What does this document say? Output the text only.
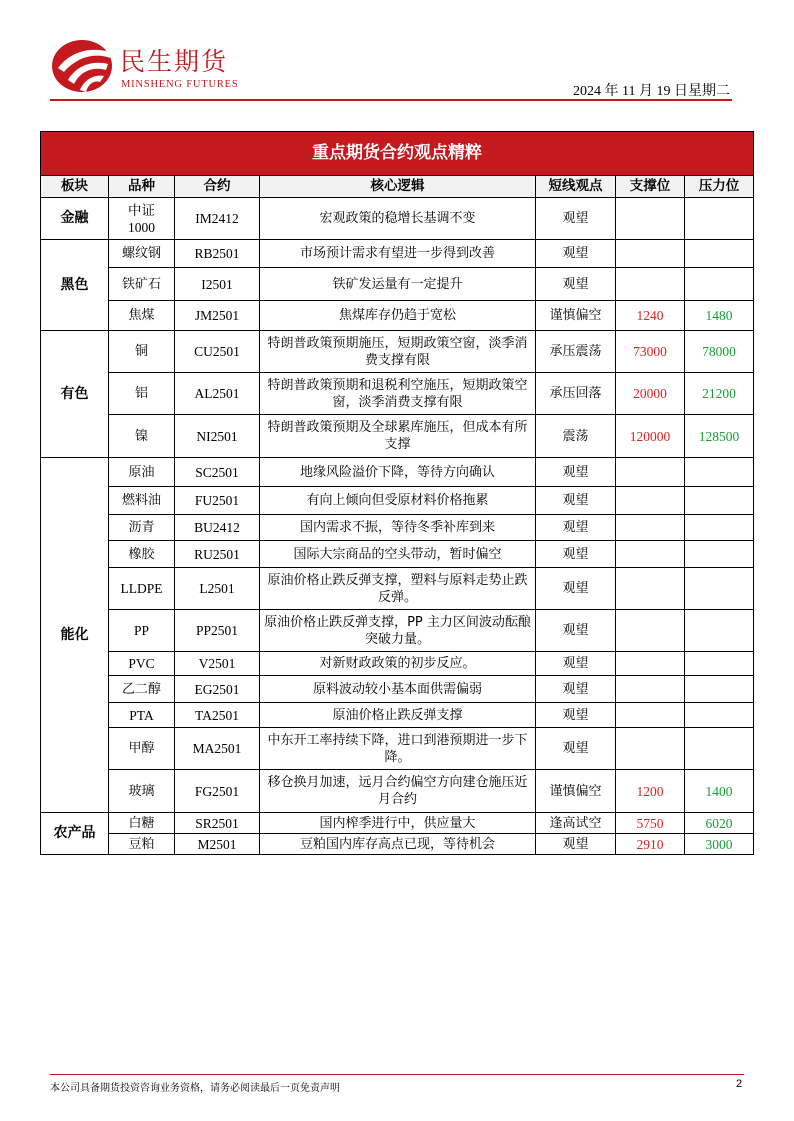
民生期货
MINSHENG FUTURES	2024 年 11 月 19 日星期二
重点期货合约观点精粹						
板块	品种	合约	核心逻辑	短线观点	支撑位	压力位
金融	中证1000	IM2412	宏观政策的稳增长基调不变	观望		
黑色	螺纹钢	RB2501	市场预计需求有望进一步得到改善	观望		
	铁矿石	I2501	铁矿发运量有一定提升	观望		
	焦煤	JM2501	焦煤库存仍趋于宽松	谨慎偏空	1240	1480
有色	铜	CU2501	特朗普政策预期施压，短期政策空窗，淡季消费支撑有限	承压震荡	73000	78000
	铝	AL2501	特朗普政策预期和退税利空施压，短期政策空窗，淡季消费支撑有限	承压回落	20000	21200
	镍	NI2501	特朗普政策预期及全球累库施压，但成本有所支撑	震荡	120000	128500
能化	原油	SC2501	地缘风险溢价下降，等待方向确认	观望		
	燃料油	FU2501	有向上倾向但受原材料价格拖累	观望		
	沥青	BU2412	国内需求不振，等待冬季补库到来	观望		
	橡胶	RU2501	国际大宗商品的空头带动，暂时偏空	观望		
	LLDPE	L2501	原油价格止跌反弹支撑，塑料与原料走势止跌反弹。	观望		
	PP	PP2501	原油价格止跌反弹支撑，PP 主力区间波动酝酿突破力量。	观望		
	PVC	V2501	对新财政政策的初步反应。	观望		
	乙二醇	EG2501	原料波动较小基本面供需偏弱	观望		
	PTA	TA2501	原油价格止跌反弹支撑	观望		
	甲醇	MA2501	中东开工率持续下降，进口到港预期进一步下降。	观望		
	玻璃	FG2501	移仓换月加速，远月合约偏空方向建仓施压近月合约	谨慎偏空	1200	1400
农产品	白糖	SR2501	国内榨季进行中，供应量大	逢高试空	5750	6020
	豆粕	M2501	豆粕国内库存高点已现，等待机会	观望	2910	3000
本公司具备期货投资咨询业务资格，请务必阅读最后一页免责声明	2
